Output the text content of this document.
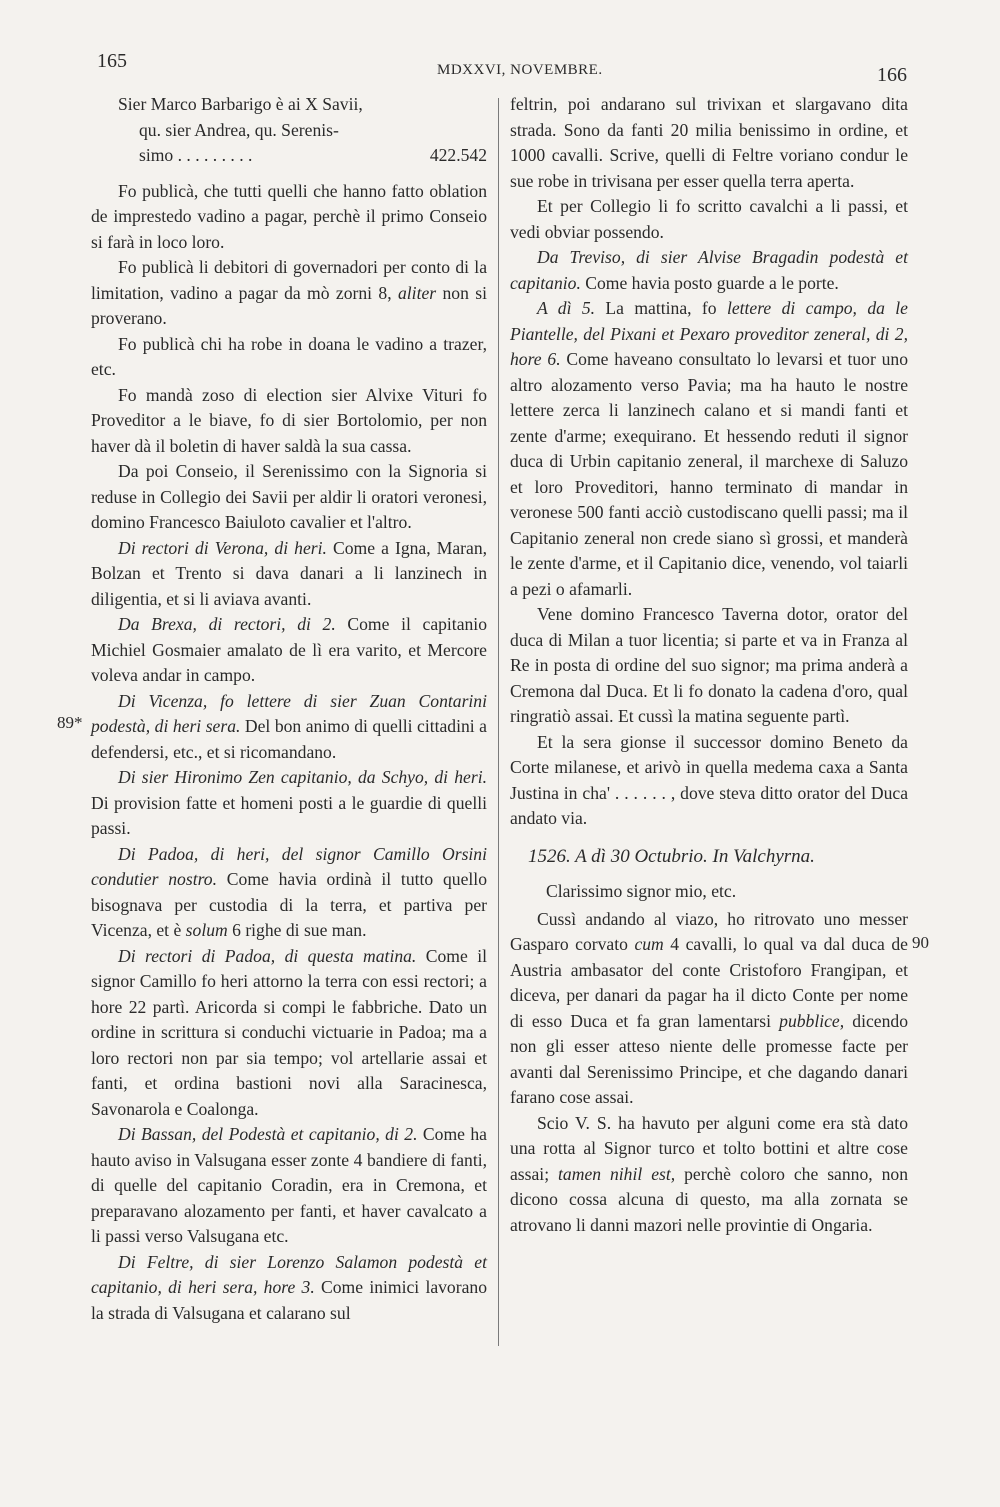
165	MDXXVI, NOVEMBRE.	166
89*
90

Sier Marco Barbarigo è ai X Savii,

qu. sier Andrea, qu. Serenis-

simo . . . . . . . . .	422.542

Fo publicà, che tutti quelli che hanno fatto oblation de imprestedo vadino a pagar, perchè il primo Conseio si farà in loco loro.

Fo publicà li debitori di governadori per conto di la limitation, vadino a pagar da mò zorni 8, aliter non si proverano.

Fo publicà chi ha robe in doana le vadino a trazer, etc.

Fo mandà zoso di election sier Alvixe Vituri fo Proveditor a le biave, fo di sier Bortolomio, per non haver dà il boletin di haver saldà la sua cassa.

Da poi Conseio, il Serenissimo con la Signoria si reduse in Collegio dei Savii per aldir li oratori veronesi, domino Francesco Baiuloto cavalier et l'altro.

Di rectori di Verona, di heri. Come a Igna, Maran, Bolzan et Trento si dava danari a li lanzinech in diligentia, et si li aviava avanti.

Da Brexa, di rectori, di 2. Come il capitanio Michiel Gosmaier amalato de lì era varito, et Mercore voleva andar in campo.

Di Vicenza, fo lettere di sier Zuan Contarini podestà, di heri sera. Del bon animo di quelli cittadini a defendersi, etc., et si ricomandano.

Di sier Hironimo Zen capitanio, da Schyo, di heri. Di provision fatte et homeni posti a le guardie di quelli passi.

Di Padoa, di heri, del signor Camillo Orsini condutier nostro. Come havia ordinà il tutto quello bisognava per custodia di la terra, et partiva per Vicenza, et è solum 6 righe di sue man.

Di rectori di Padoa, di questa matina. Come il signor Camillo fo heri attorno la terra con essi rectori; a hore 22 partì. Aricorda si compi le fabbriche. Dato un ordine in scrittura si conduchi victuarie in Padoa; ma a loro rectori non par sia tempo; vol artellarie assai et fanti, et ordina bastioni novi alla Saracinesca, Savonarola e Coalonga.

Di Bassan, del Podestà et capitanio, di 2. Come ha hauto aviso in Valsugana esser zonte 4 bandiere di fanti, di quelle del capitanio Coradin, era in Cremona, et preparavano alozamento per fanti, et haver cavalcato a li passi verso Valsugana etc.

Di Feltre, di sier Lorenzo Salamon podestà et capitanio, di heri sera, hore 3. Come inimici lavorano la strada di Valsugana et calarano sul

feltrin, poi andarano sul trivixan et slargavano dita strada. Sono da fanti 20 milia benissimo in ordine, et 1000 cavalli. Scrive, quelli di Feltre voriano condur le sue robe in trivisana per esser quella terra aperta.

Et per Collegio li fo scritto cavalchi a li passi, et vedi obviar possendo.

Da Treviso, di sier Alvise Bragadin podestà et capitanio. Come havia posto guarde a le porte.

A dì 5. La mattina, fo lettere di campo, da le Piantelle, del Pixani et Pexaro proveditor zeneral, di 2, hore 6. Come haveano consultato lo levarsi et tuor uno altro alozamento verso Pavia; ma ha hauto le nostre lettere zerca li lanzinech calano et si mandi fanti et zente d'arme; exequirano. Et hessendo reduti il signor duca di Urbin capitanio zeneral, il marchexe di Saluzo et loro Proveditori, hanno terminato di mandar in veronese 500 fanti acciò custodiscano quelli passi; ma il Capitanio zeneral non crede siano sì grossi, et manderà le zente d'arme, et il Capitanio dice, venendo, vol taiarli a pezi o afamarli.

Vene domino Francesco Taverna dotor, orator del duca di Milan a tuor licentia; si parte et va in Franza al Re in posta di ordine del suo signor; ma prima anderà a Cremona dal Duca. Et li fo donato la cadena d'oro, qual ringratiò assai. Et cussì la matina seguente partì.

Et la sera gionse il successor domino Beneto da Corte milanese, et arivò in quella medema caxa a Santa Justina in cha' . . . . . . , dove steva ditto orator del Duca andato via.

1526. A dì 30 Octubrio. In Valchyrna.

Clarissimo signor mio, etc.

Cussì andando al viazo, ho ritrovato uno messer Gasparo corvato cum 4 cavalli, lo qual va dal duca de Austria ambasator del conte Cristoforo Frangipan, et diceva, per danari da pagar ha il dicto Conte per nome di esso Duca et fa gran lamentarsi pubblice, dicendo non gli esser atteso niente delle promesse facte per avanti dal Serenissimo Principe, et che dagando danari farano cose assai.

Scio V. S. ha havuto per alguni come era stà dato una rotta al Signor turco et tolto bottini et altre cose assai; tamen nihil est, perchè coloro che sanno, non dicono cossa alcuna di questo, ma alla zornata se atrovano li danni mazori nelle provintie di Ongaria.
